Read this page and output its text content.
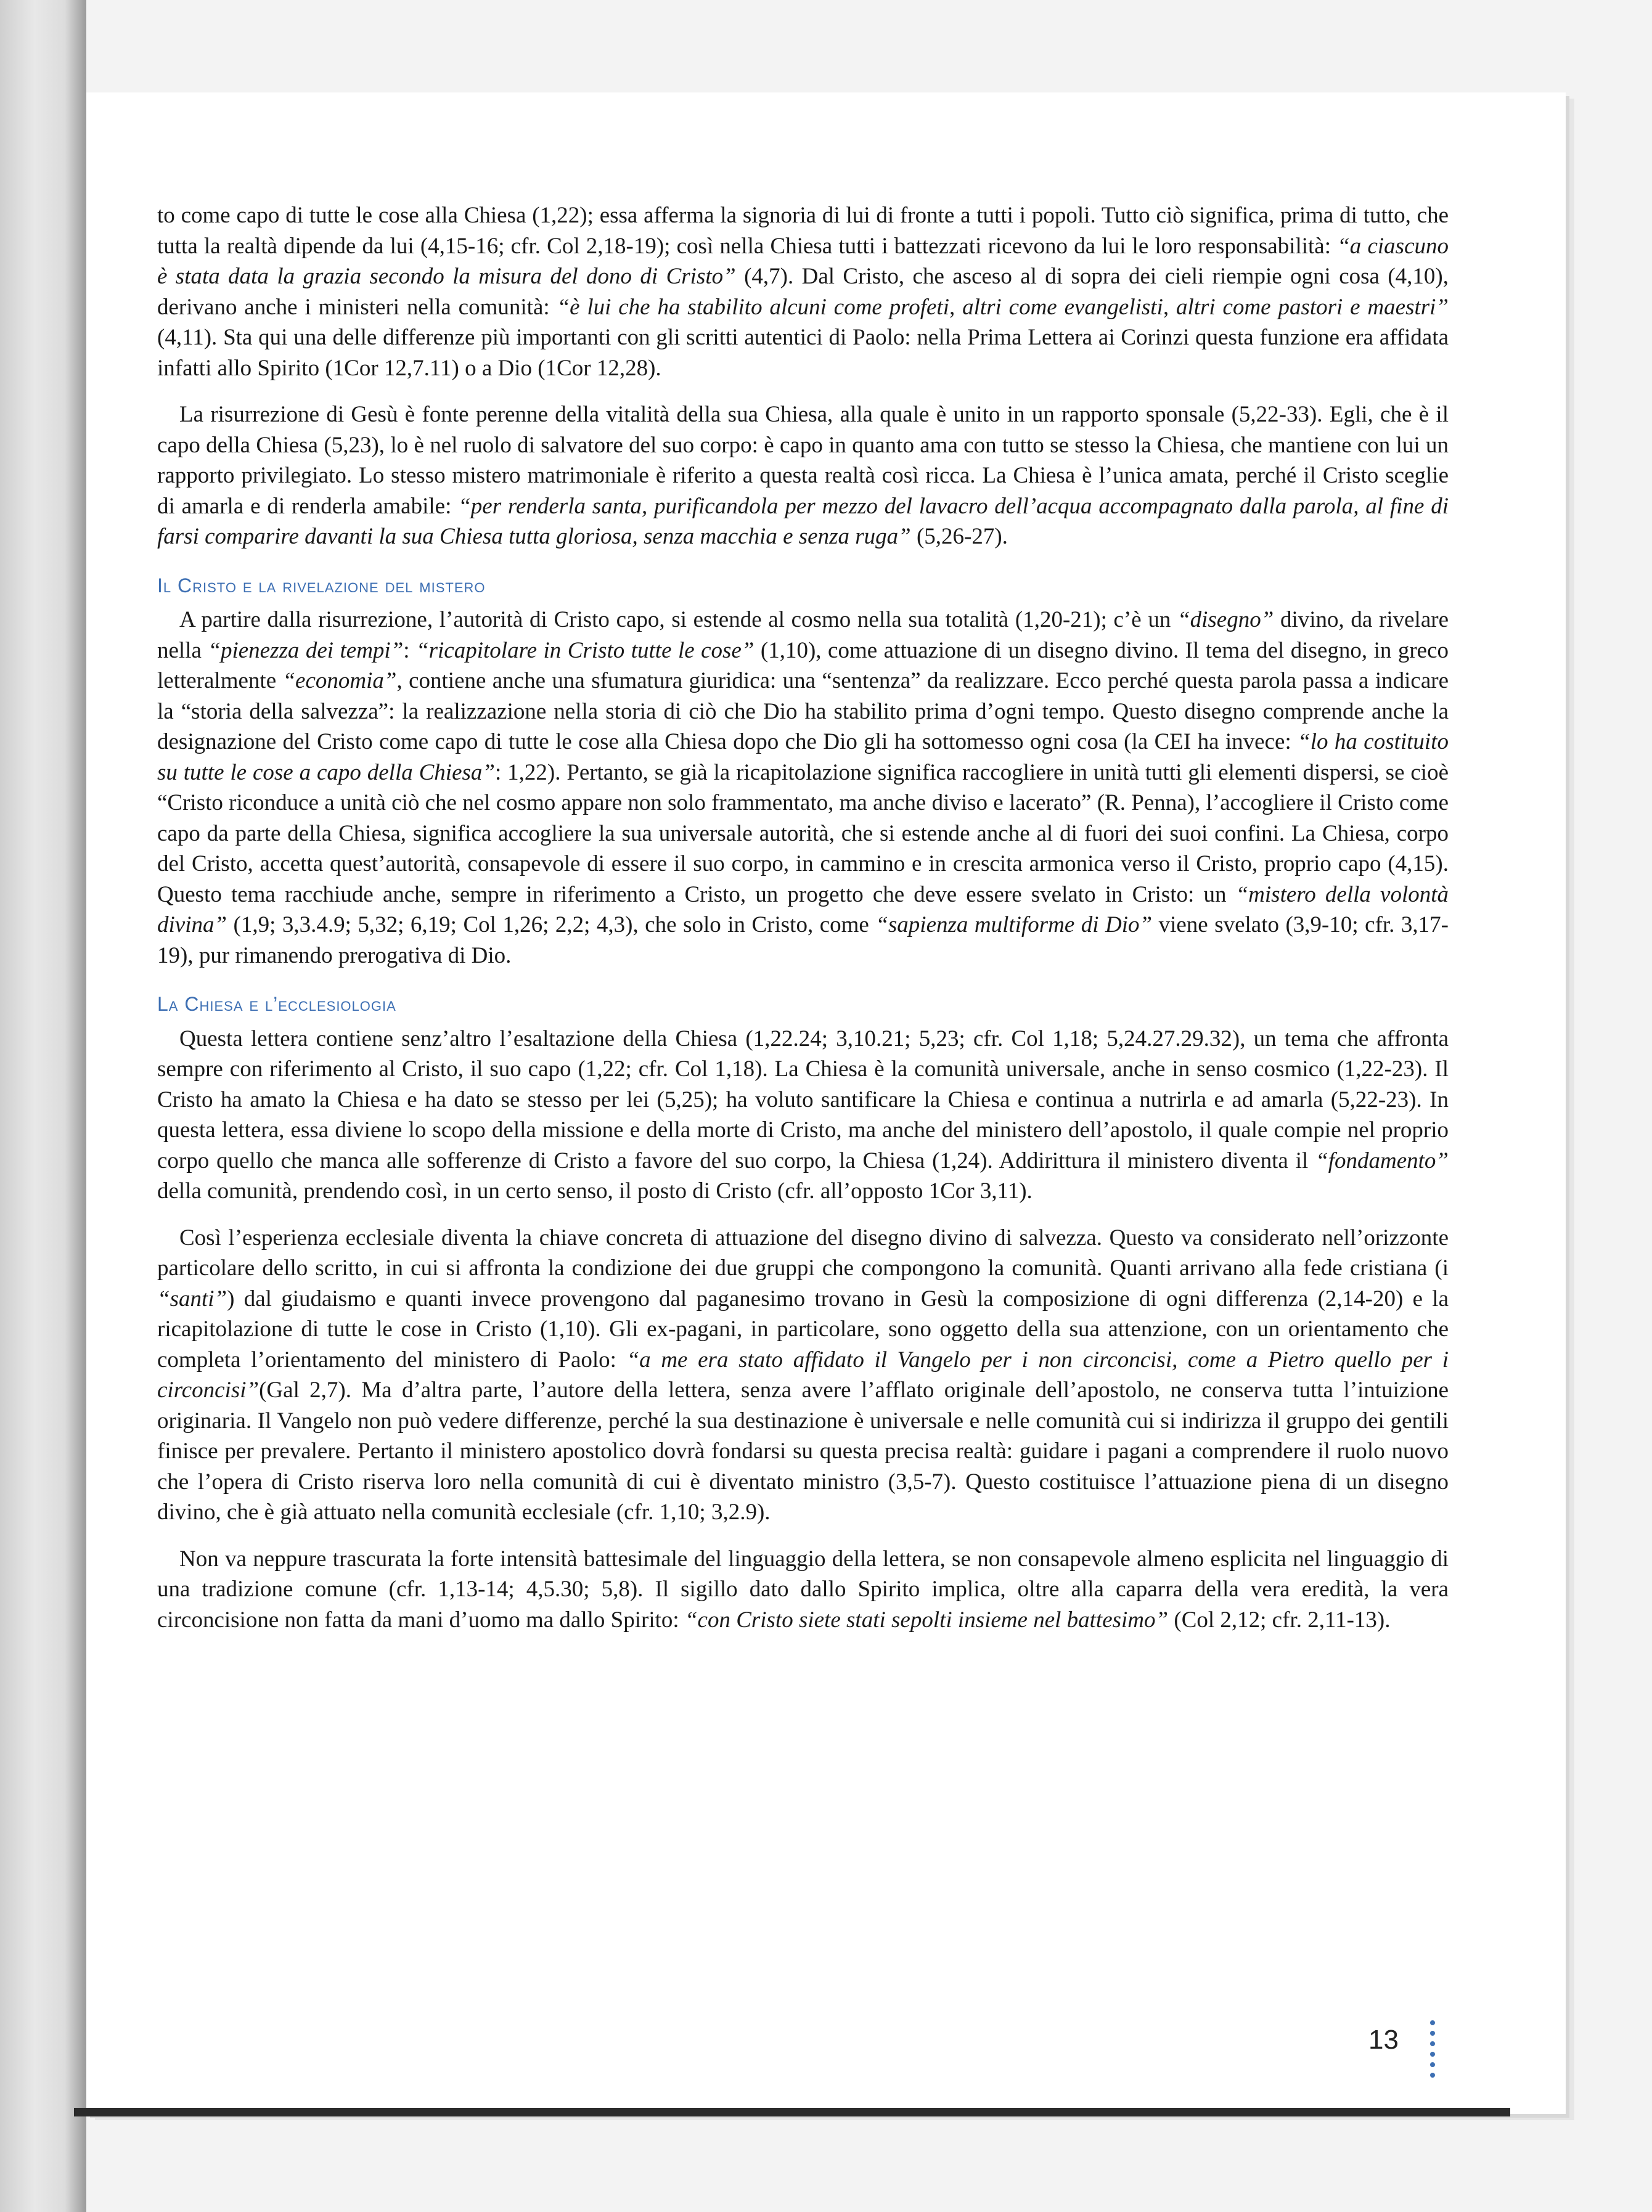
to come capo di tutte le cose alla Chiesa (1,22); essa afferma la signoria di lui di fronte a tutti i popoli. Tutto ciò significa, prima di tutto, che tutta la realtà dipende da lui (4,15-16; cfr. Col 2,18-19); così nella Chiesa tutti i battezzati ricevono da lui le loro responsabilità: “a ciascuno è stata data la grazia secondo la misura del dono di Cristo” (4,7). Dal Cristo, che asceso al di sopra dei cieli riempie ogni cosa (4,10), derivano anche i ministeri nella comunità: “è lui che ha stabilito alcuni come profeti, altri come evangelisti, altri come pastori e maestri” (4,11). Sta qui una delle differenze più importanti con gli scritti autentici di Paolo: nella Prima Lettera ai Corinzi questa funzione era affidata infatti allo Spirito (1Cor 12,7.11) o a Dio (1Cor 12,28).

La risurrezione di Gesù è fonte perenne della vitalità della sua Chiesa, alla quale è unito in un rapporto sponsale (5,22-33). Egli, che è il capo della Chiesa (5,23), lo è nel ruolo di salvatore del suo corpo: è capo in quanto ama con tutto se stesso la Chiesa, che mantiene con lui un rapporto privilegiato. Lo stesso mistero matrimoniale è riferito a questa realtà così ricca. La Chiesa è l’unica amata, perché il Cristo sceglie di amarla e di renderla amabile: “per renderla santa, purificandola per mezzo del lavacro dell’acqua accompagnato dalla parola, al fine di farsi comparire davanti la sua Chiesa tutta gloriosa, senza macchia e senza ruga” (5,26-27).

Il Cristo e la rivelazione del mistero

A partire dalla risurrezione, l’autorità di Cristo capo, si estende al cosmo nella sua totalità (1,20-21); c’è un “disegno” divino, da rivelare nella “pienezza dei tempi”: “ricapitolare in Cristo tutte le cose” (1,10), come attuazione di un disegno divino. Il tema del disegno, in greco letteralmente “economia”, contiene anche una sfumatura giuridica: una “sentenza” da realizzare. Ecco perché questa parola passa a indicare la “storia della salvezza”: la realizzazione nella storia di ciò che Dio ha stabilito prima d’ogni tempo. Questo disegno comprende anche la designazione del Cristo come capo di tutte le cose alla Chiesa dopo che Dio gli ha sottomesso ogni cosa (la CEI ha invece: “lo ha costituito su tutte le cose a capo della Chiesa”: 1,22). Pertanto, se già la ricapitolazione significa raccogliere in unità tutti gli elementi dispersi, se cioè “Cristo riconduce a unità ciò che nel cosmo appare non solo frammentato, ma anche diviso e lacerato” (R. Penna), l’accogliere il Cristo come capo da parte della Chiesa, significa accogliere la sua universale autorità, che si estende anche al di fuori dei suoi confini. La Chiesa, corpo del Cristo, accetta quest’autorità, consapevole di essere il suo corpo, in cammino e in crescita armonica verso il Cristo, proprio capo (4,15). Questo tema racchiude anche, sempre in riferimento a Cristo, un progetto che deve essere svelato in Cristo: un “mistero della volontà divina” (1,9; 3,3.4.9; 5,32; 6,19; Col 1,26; 2,2; 4,3), che solo in Cristo, come “sapienza multiforme di Dio” viene svelato (3,9-10; cfr. 3,17-19), pur rimanendo prerogativa di Dio.

La Chiesa e l’ecclesiologia

Questa lettera contiene senz’altro l’esaltazione della Chiesa (1,22.24; 3,10.21; 5,23; cfr. Col 1,18; 5,24.27.29.32), un tema che affronta sempre con riferimento al Cristo, il suo capo (1,22; cfr. Col 1,18). La Chiesa è la comunità universale, anche in senso cosmico (1,22-23). Il Cristo ha amato la Chiesa e ha dato se stesso per lei (5,25); ha voluto santificare la Chiesa e continua a nutrirla e ad amarla (5,22-23). In questa lettera, essa diviene lo scopo della missione e della morte di Cristo, ma anche del ministero dell’apostolo, il quale compie nel proprio corpo quello che manca alle sofferenze di Cristo a favore del suo corpo, la Chiesa (1,24). Addirittura il ministero diventa il “fondamento” della comunità, prendendo così, in un certo senso, il posto di Cristo (cfr. all’opposto 1Cor 3,11).

Così l’esperienza ecclesiale diventa la chiave concreta di attuazione del disegno divino di salvezza. Questo va considerato nell’orizzonte particolare dello scritto, in cui si affronta la condizione dei due gruppi che compongono la comunità. Quanti arrivano alla fede cristiana (i “santi”) dal giudaismo e quanti invece provengono dal paganesimo trovano in Gesù la composizione di ogni differenza (2,14-20) e la ricapitolazione di tutte le cose in Cristo (1,10). Gli ex-pagani, in particolare, sono oggetto della sua attenzione, con un orientamento che completa l’orientamento del ministero di Paolo: “a me era stato affidato il Vangelo per i non circoncisi, come a Pietro quello per i circoncisi”(Gal 2,7). Ma d’altra parte, l’autore della lettera, senza avere l’afflato originale dell’apostolo, ne conserva tutta l’intuizione originaria. Il Vangelo non può vedere differenze, perché la sua destinazione è universale e nelle comunità cui si indirizza il gruppo dei gentili finisce per prevalere. Pertanto il ministero apostolico dovrà fondarsi su questa precisa realtà: guidare i pagani a comprendere il ruolo nuovo che l’opera di Cristo riserva loro nella comunità di cui è diventato ministro (3,5-7). Questo costituisce l’attuazione piena di un disegno divino, che è già attuato nella comunità ecclesiale (cfr. 1,10; 3,2.9).

Non va neppure trascurata la forte intensità battesimale del linguaggio della lettera, se non consapevole almeno esplicita nel linguaggio di una tradizione comune (cfr. 1,13-14; 4,5.30; 5,8). Il sigillo dato dallo Spirito implica, oltre alla caparra della vera eredità, la vera circoncisione non fatta da mani d’uomo ma dallo Spirito: “con Cristo siete stati sepolti insieme nel battesimo” (Col 2,12; cfr. 2,11-13).

13
